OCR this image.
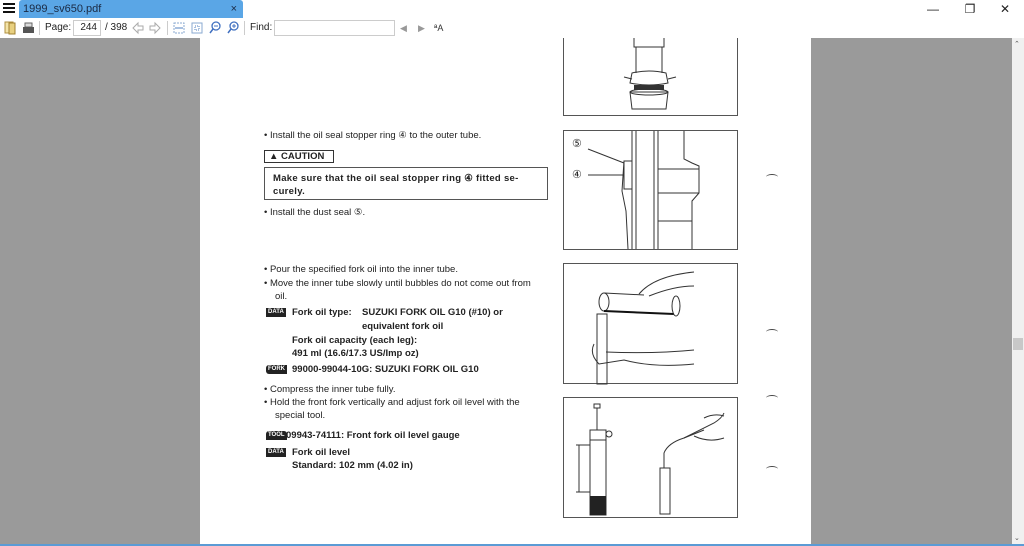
1999_sv650.pdf	×	—	❐	✕
Page: 244 / 398	Find:	◀ ▶ ªA
• Install the oil seal stopper ring ④ to the outer tube.
▲ CAUTION
Make sure that the oil seal stopper ring ④ fitted se-
curely.
• Install the dust seal ⑤.
⑤
④
• Pour the specified fork oil into the inner tube.
• Move the inner tube slowly until bubbles do not come out from
oil.
DATA Fork oil type: SUZUKI FORK OIL G10 (#10) or
equivalent fork oil
Fork oil capacity (each leg):
491 ml (16.6/17.3 US/Imp oz)
FORK 99000-99044-10G: SUZUKI FORK OIL G10
• Compress the inner tube fully.
• Hold the front fork vertically and adjust fork oil level with the
special tool.
TOOL 09943-74111: Front fork oil level gauge
DATA Fork oil level
Standard: 102 mm (4.02 in)
⌃
⌄
